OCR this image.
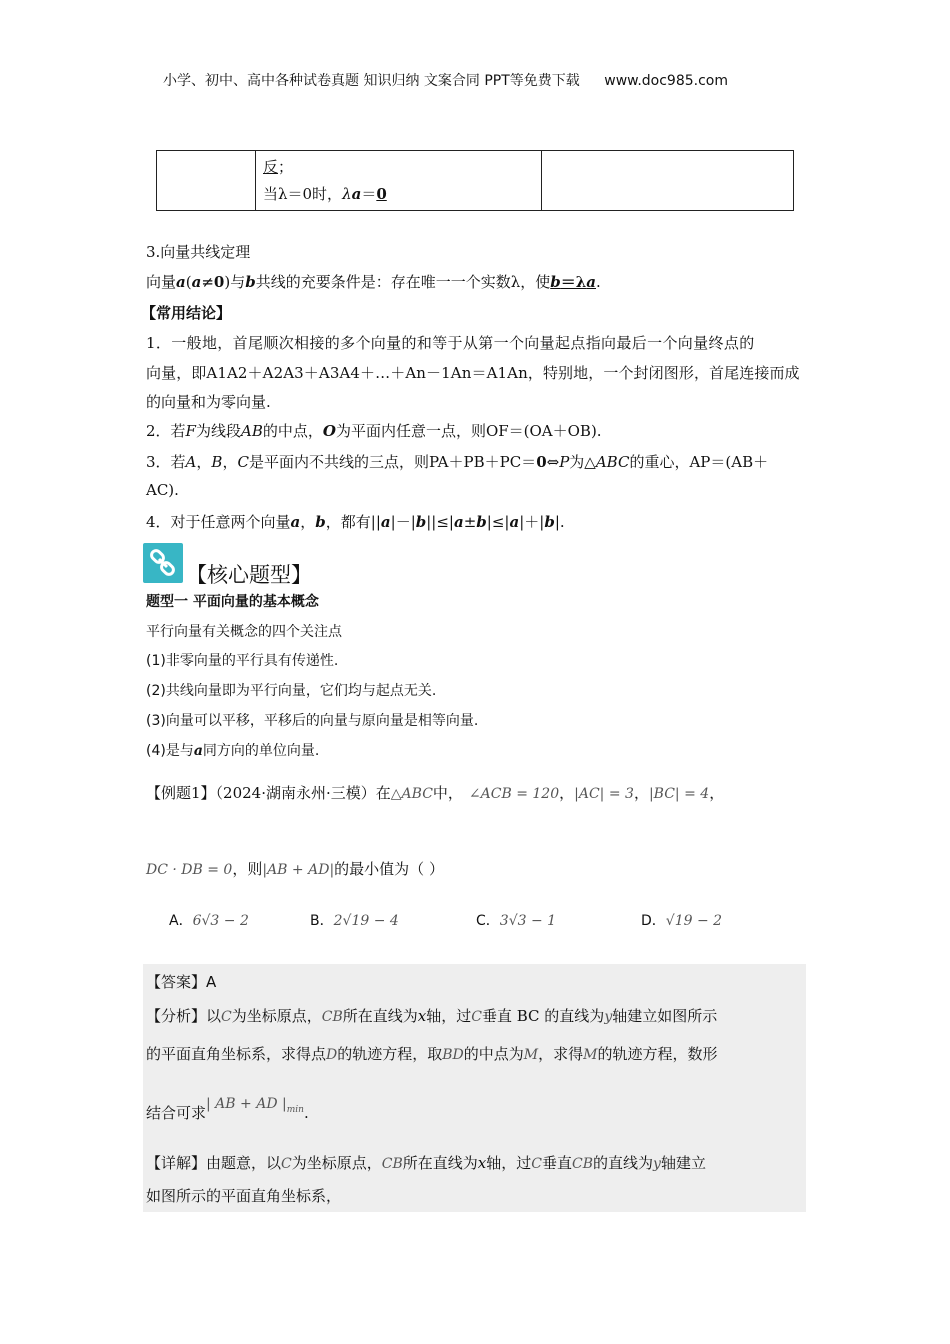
小学、初中、高中各种试卷真题 知识归纳 文案合同 PPT等免费下载 www.doc985.com
反；
当λ＝0时，λa＝0
3.向量共线定理
向量a(a≠0)与b共线的充要条件是：存在唯一一个实数λ，使b＝λa.
【常用结论】
1．一般地，首尾顺次相接的多个向量的和等于从第一个向量起点指向最后一个向量终点的
向量，即A1A2＋A2A3＋A3A4＋…＋An－1An＝A1An，特别地，一个封闭图形，首尾连接而成
的向量和为零向量.
2．若F为线段AB的中点，O为平面内任意一点，则OF＝(OA＋OB).
3．若A，B，C是平面内不共线的三点，则PA＋PB＋PC＝0⇔P为△ABC的重心，AP＝(AB＋
AC).
4．对于任意两个向量a，b，都有||a|－|b||≤|a±b|≤|a|＋|b|.
【核心题型】
题型一 平面向量的基本概念
平行向量有关概念的四个关注点
(1)非零向量的平行具有传递性.
(2)共线向量即为平行向量，它们均与起点无关.
(3)向量可以平移，平移后的向量与原向量是相等向量.
(4)是与a同方向的单位向量.
【例题1】（2024·湖南永州·三模）在△ABC中， ∠ACB = 120，|AC| = 3，|BC| = 4，
DC · DB = 0，则|AB + AD|的最小值为（ ）
A．6√3 − 2	B．2√19 − 4	C．3√3 − 1	D．√19 − 2
【答案】A
【分析】以C为坐标原点，CB所在直线为x轴，过C垂直 BC 的直线为y轴建立如图所示
的平面直角坐标系，求得点D的轨迹方程，取BD的中点为M，求得M的轨迹方程，数形
结合可求| AB + AD $|^{min}$.
【详解】由题意，以C为坐标原点，CB所在直线为x轴，过C垂直CB的直线为y轴建立
如图所示的平面直角坐标系，
